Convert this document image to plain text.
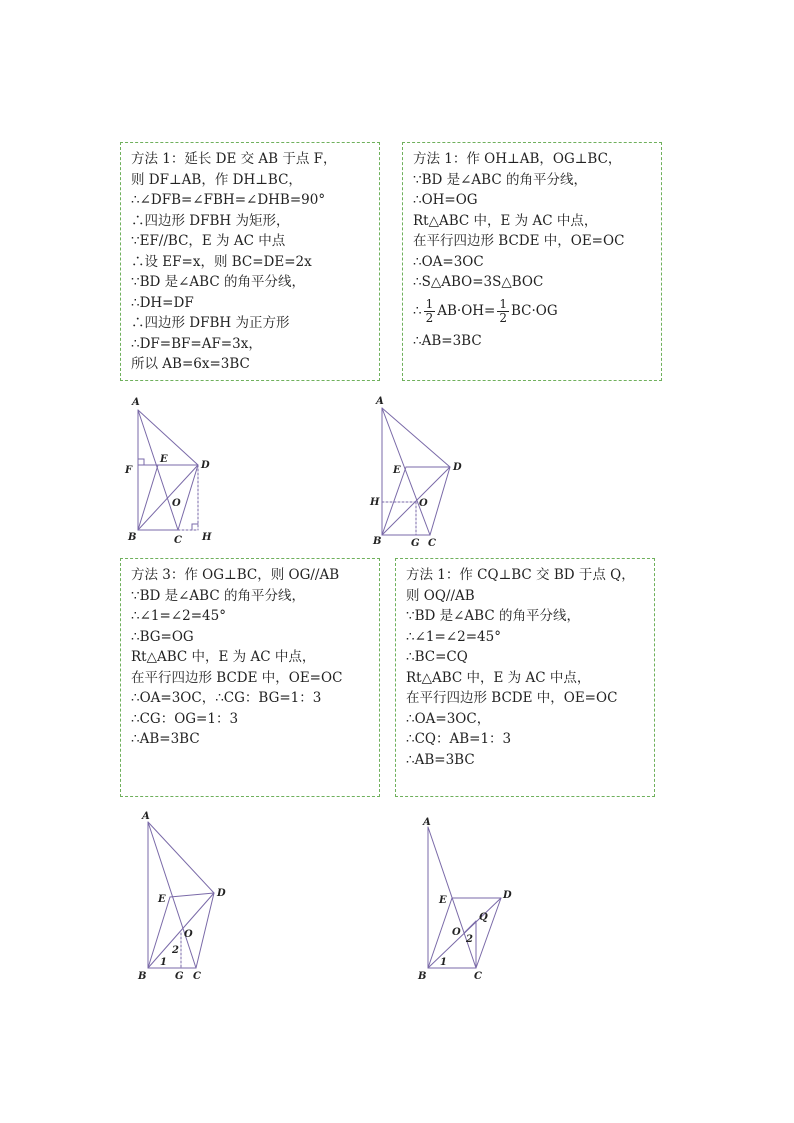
方法 1：延长 DE 交 AB 于点 F，
则 DF⊥AB，作 DH⊥BC，
∴∠DFB=∠FBH=∠DHB=90°
∴四边形 DFBH 为矩形，
∵EF//BC，E 为 AC 中点
∴设 EF=x，则 BC=DE=2x
∵BD 是∠ABC 的角平分线，
∴DH=DF
∴四边形 DFBH 为正方形
∴DF=BF=AF=3x，
所以 AB=6x=3BC
方法 1：作 OH⊥AB，OG⊥BC，
∵BD 是∠ABC 的角平分线，
∴OH=OG
Rt△ABC 中，E 为 AC 中点，
在平行四边形 BCDE 中，OE=OC
∴OA=3OC
∴S△ABO=3S△BOC
∴ $\frac{1}{2} AB\cdot OH= \frac{1}{2} BC\cdot OG$
∴AB=3BC
A
F
E
D
O
B	C H
A
E	D
H	O
B	G C
方法 3：作 OG⊥BC，则 OG//AB
∵BD 是∠ABC 的角平分线，
∴∠1=∠2=45°
∴BG=OG
Rt△ABC 中，E 为 AC 中点，
在平行四边形 BCDE 中，OE=OC
∴OA=3OC，∴CG：BG=1：3
∴CG：OG=1：3
∴AB=3BC
方法 1：作 CQ⊥BC 交 BD 于点 Q，
则 OQ//AB
∵BD 是∠ABC 的角平分线，
∴∠1=∠2=45°
∴BC=CQ
Rt△ABC 中，E 为 AC 中点，
在平行四边形 BCDE 中，OE=OC
∴OA=3OC，
∴CQ：AB=1：3
∴AB=3BC
A
E
D
O
2
B
1
G C
A
E	D
Q
O
2
B
1
C
